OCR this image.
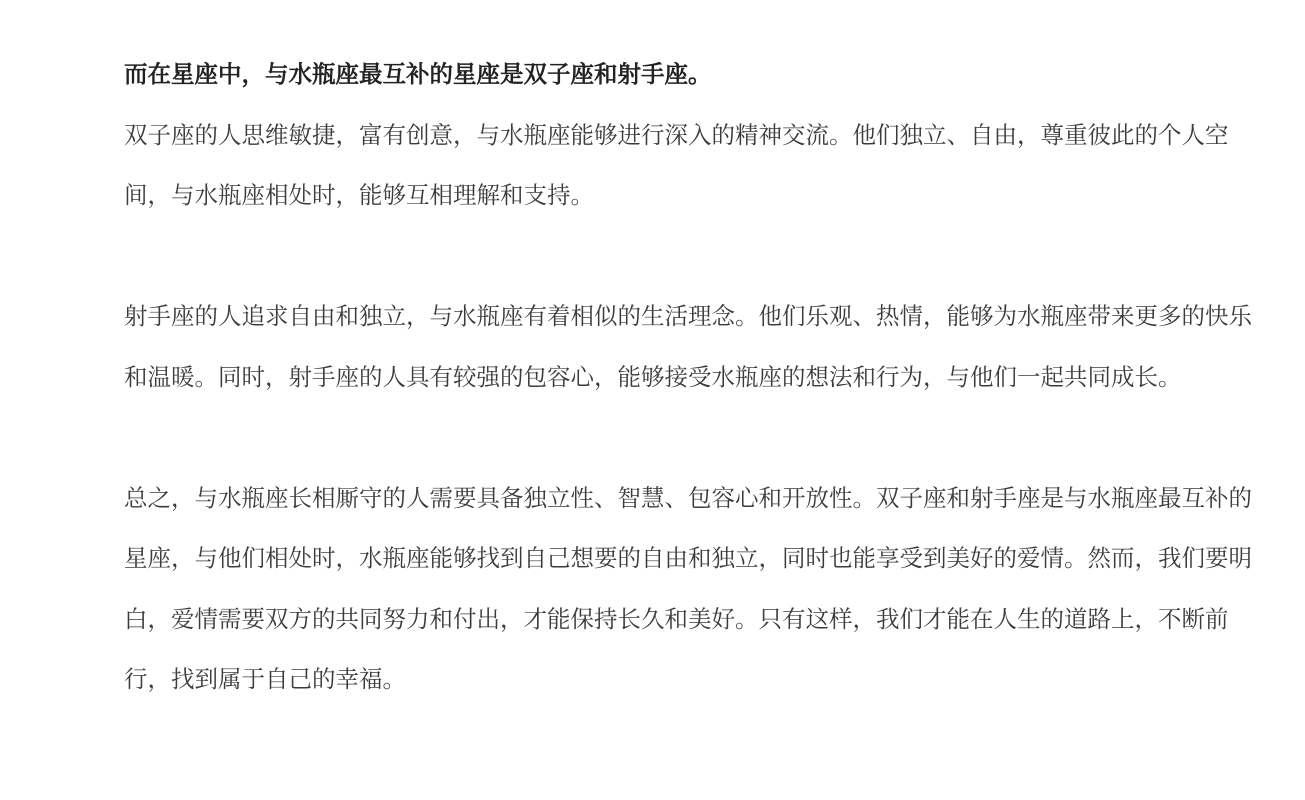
而在星座中，与水瓶座最互补的星座是双子座和射手座。

双子座的人思维敏捷，富有创意，与水瓶座能够进行深入的精神交流。他们独立、自由，尊重彼此的个人空间，与水瓶座相处时，能够互相理解和支持。

射手座的人追求自由和独立，与水瓶座有着相似的生活理念。他们乐观、热情，能够为水瓶座带来更多的快乐和温暖。同时，射手座的人具有较强的包容心，能够接受水瓶座的想法和行为，与他们一起共同成长。

总之，与水瓶座长相厮守的人需要具备独立性、智慧、包容心和开放性。双子座和射手座是与水瓶座最互补的星座，与他们相处时，水瓶座能够找到自己想要的自由和独立，同时也能享受到美好的爱情。然而，我们要明白，爱情需要双方的共同努力和付出，才能保持长久和美好。只有这样，我们才能在人生的道路上，不断前行，找到属于自己的幸福。
